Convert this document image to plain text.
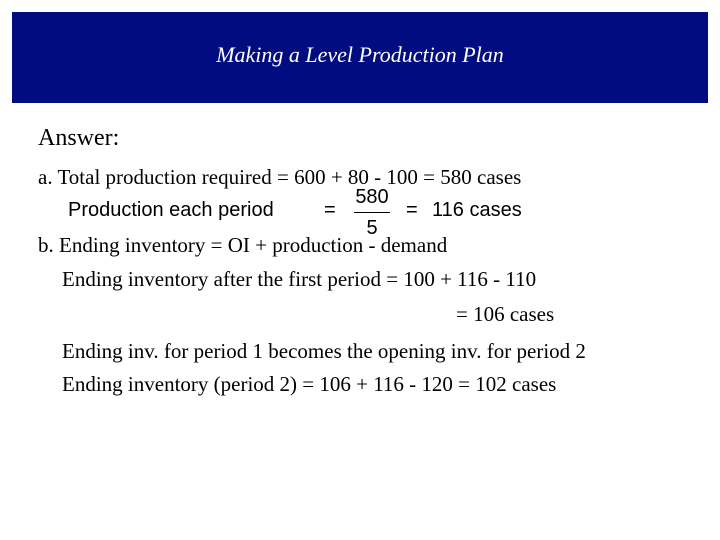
Making a Level Production Plan
Answer:
a. Total production required = 600 + 80 - 100 = 580 cases
Production each period	=
580
5
= 116 cases
b. Ending inventory = OI + production - demand
Ending inventory after the first period = 100 + 116 - 110
= 106 cases
Ending inv. for period 1 becomes the opening inv. for period 2
Ending inventory (period 2) = 106 + 116 - 120 = 102 cases
